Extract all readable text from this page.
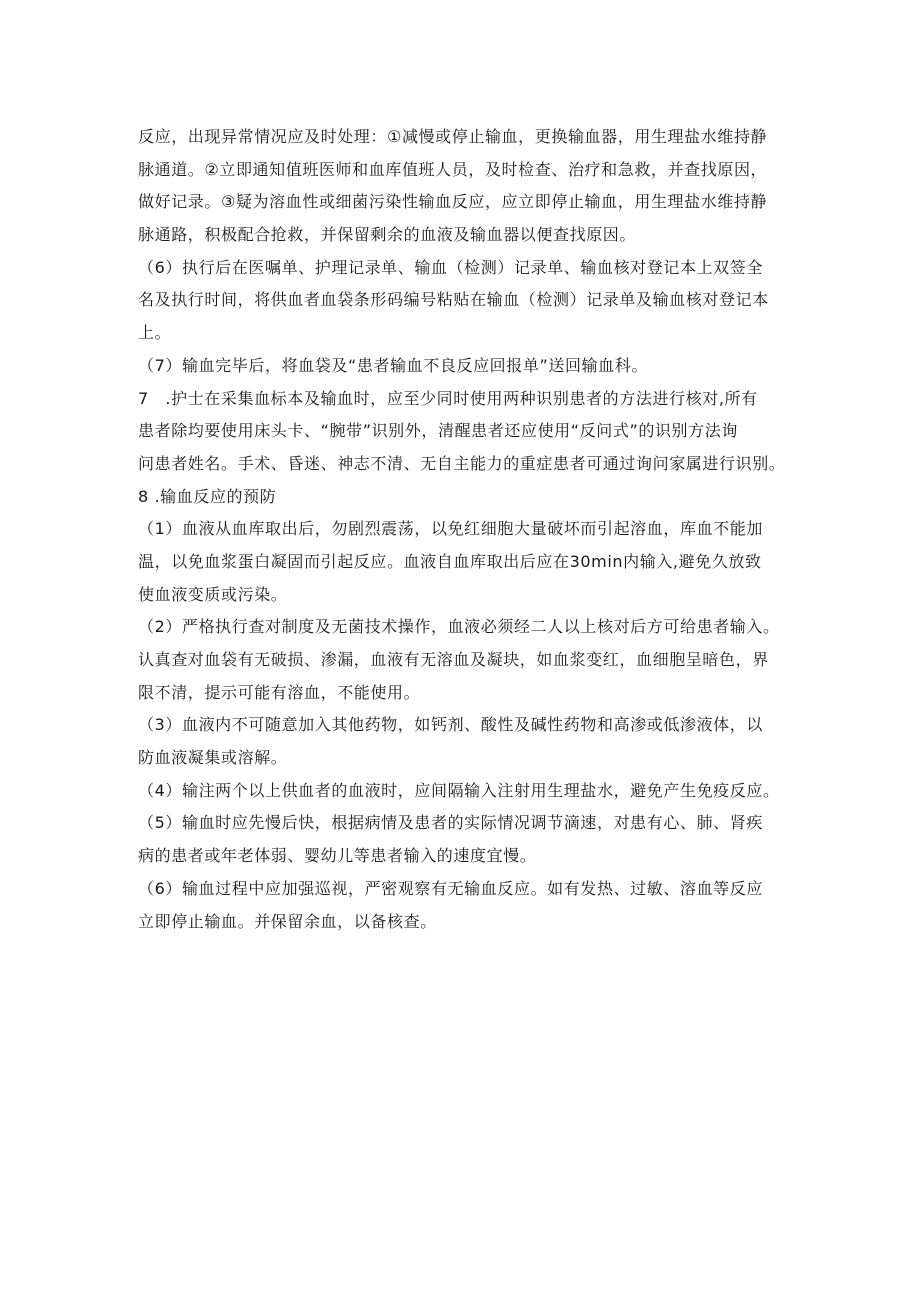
反应，出现异常情况应及时处理：①减慢或停止输血，更换输血器，用生理盐水维持静
脉通道。②立即通知值班医师和血库值班人员，及时检查、治疗和急救，并查找原因，
做好记录。③疑为溶血性或细菌污染性输血反应，应立即停止输血，用生理盐水维持静
脉通路，积极配合抢救，并保留剩余的血液及输血器以便查找原因。
（6）执行后在医嘱单、护理记录单、输血（检测）记录单、输血核对登记本上双签全
名及执行时间，将供血者血袋条形码编号粘贴在输血（检测）记录单及输血核对登记本
上。
（7）输血完毕后，将血袋及“患者输血不良反应回报单”送回输血科。
7　.护士在采集血标本及输血时，应至少同时使用两种识别患者的方法进行核对,所有
患者除均要使用床头卡、“腕带”识别外，清醒患者还应使用“反问式”的识别方法询
问患者姓名。手术、昏迷、神志不清、无自主能力的重症患者可通过询问家属进行识别。
8 .输血反应的预防
（1）血液从血库取出后，勿剧烈震荡，以免红细胞大量破坏而引起溶血，库血不能加
温，以免血浆蛋白凝固而引起反应。血液自血库取出后应在30min内输入,避免久放致
使血液变质或污染。
（2）严格执行查对制度及无菌技术操作，血液必须经二人以上核对后方可给患者输入。
认真查对血袋有无破损、渗漏，血液有无溶血及凝块，如血浆变红，血细胞呈暗色，界
限不清，提示可能有溶血，不能使用。
（3）血液内不可随意加入其他药物，如钙剂、酸性及碱性药物和高渗或低渗液体，以
防血液凝集或溶解。
（4）输注两个以上供血者的血液时，应间隔输入注射用生理盐水，避免产生免疫反应。
（5）输血时应先慢后快，根据病情及患者的实际情况调节滴速，对患有心、肺、肾疾
病的患者或年老体弱、婴幼儿等患者输入的速度宜慢。
（6）输血过程中应加强巡视，严密观察有无输血反应。如有发热、过敏、溶血等反应
立即停止输血。并保留余血，以备核查。
